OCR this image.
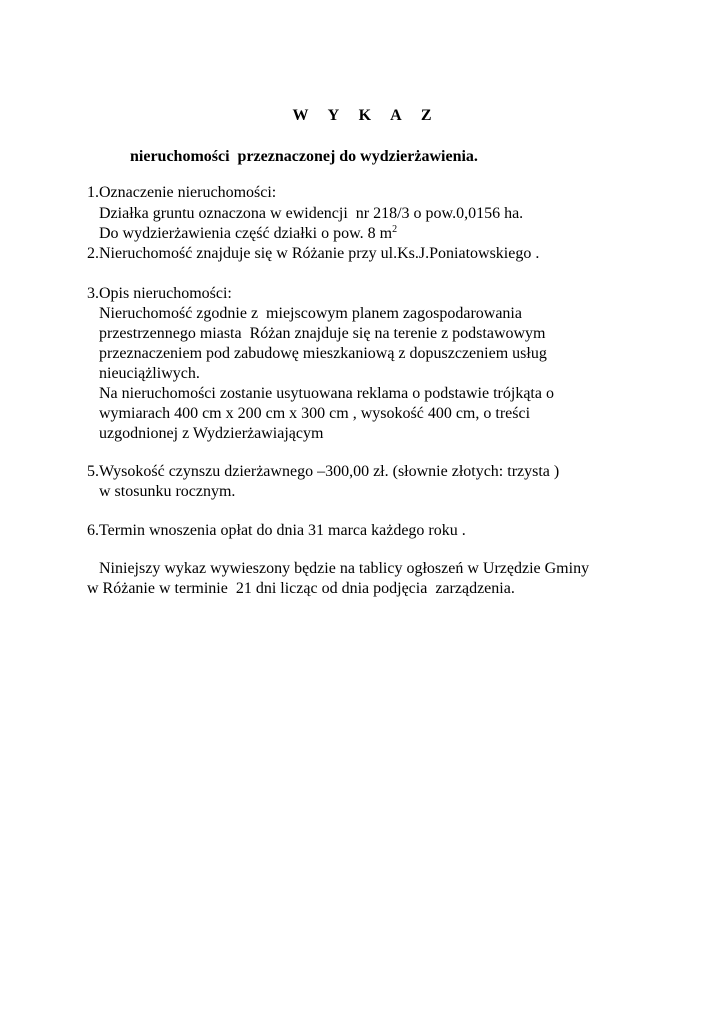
W Y K A Z
nieruchomości  przeznaczonej do wydzierżawienia.
1.Oznaczenie nieruchomości:
Działka gruntu oznaczona w ewidencji  nr 218/3 o pow.0,0156 ha.
Do wydzierżawienia część działki o pow. 8 $m^2$
2.Nieruchomość znajduje się w Różanie przy ul.Ks.J.Poniatowskiego .
3.Opis nieruchomości:
Nieruchomość zgodnie z  miejscowym planem zagospodarowania
przestrzennego miasta  Różan znajduje się na terenie z podstawowym
przeznaczeniem pod zabudowę mieszkaniową z dopuszczeniem usług
nieuciążliwych.
Na nieruchomości zostanie usytuowana reklama o podstawie trójkąta o
wymiarach 400 cm x 200 cm x 300 cm , wysokość 400 cm, o treści
uzgodnionej z Wydzierżawiającym
5.Wysokość czynszu dzierżawnego –300,00 zł. (słownie złotych: trzysta )
w stosunku rocznym.
6.Termin wnoszenia opłat do dnia 31 marca każdego roku .
Niniejszy wykaz wywieszony będzie na tablicy ogłoszeń w Urzędzie Gminy
w Różanie w terminie  21 dni licząc od dnia podjęcia  zarządzenia.
